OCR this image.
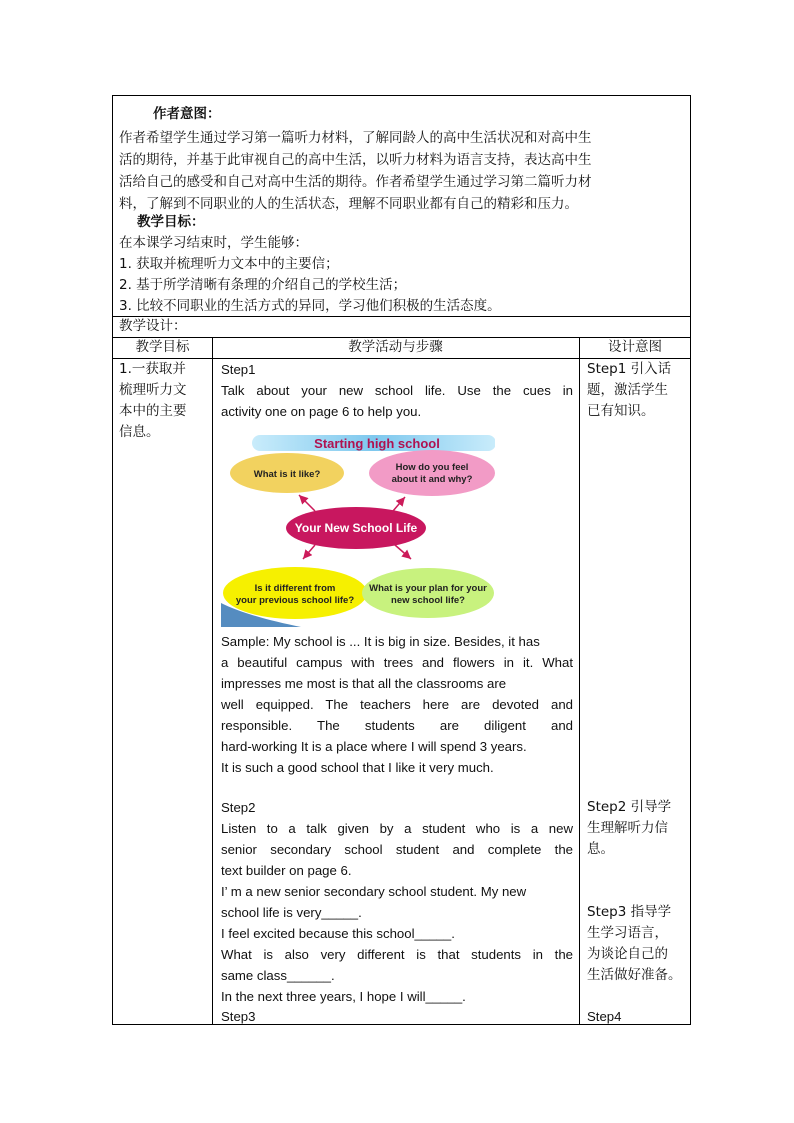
作者意图：
作者希望学生通过学习第一篇听力材料，了解同龄人的高中生活状况和对高中生
活的期待，并基于此审视自己的高中生活，以听力材料为语言支持，表达高中生
活给自己的感受和自己对高中生活的期待。作者希望学生通过学习第二篇听力材
料，了解到不同职业的人的生活状态，理解不同职业都有自己的精彩和压力。
教学目标：
在本课学习结束时，学生能够：
1. 获取并梳理听力文本中的主要信；
2. 基于所学清晰有条理的介绍自己的学校生活；
3. 比较不同职业的生活方式的异同，学习他们积极的生活态度。
教学设计：
教学目标	教学活动与步骤	设计意图
1.一获取并
梳理听力文
本中的主要
信息。
Step1
Talk about your new school life. Use the cues in
activity one on page 6 to help you.
Starting high school
What is it like?
How do you feel
about it and why?
Your New School Life
Is it different from
your previous school life?
What is your plan for your
new school life?
Sample: My school is ... It is big in size. Besides, it has
a beautiful campus with trees and flowers in it. What
impresses me most is that all the classrooms are
well equipped. The teachers here are devoted and
responsible. The students are diligent and
hard-working It is a place where I will spend 3 years.
It is such a good school that I like it very much.
Step2
Listen to a talk given by a student who is a new
senior secondary school student and complete the
text builder on page 6.
I’ m a new senior secondary school student. My new
school life is very_____.
I feel excited because this school_____.
What is also very different is that students in the
same class______.
In the next three years, I hope I will_____.
Step3
Step1 引入话
题，激活学生
已有知识。
Step2 引导学
生理解听力信
息。
Step3 指导学
生学习语言，
为谈论自己的
生活做好准备。
Step4
